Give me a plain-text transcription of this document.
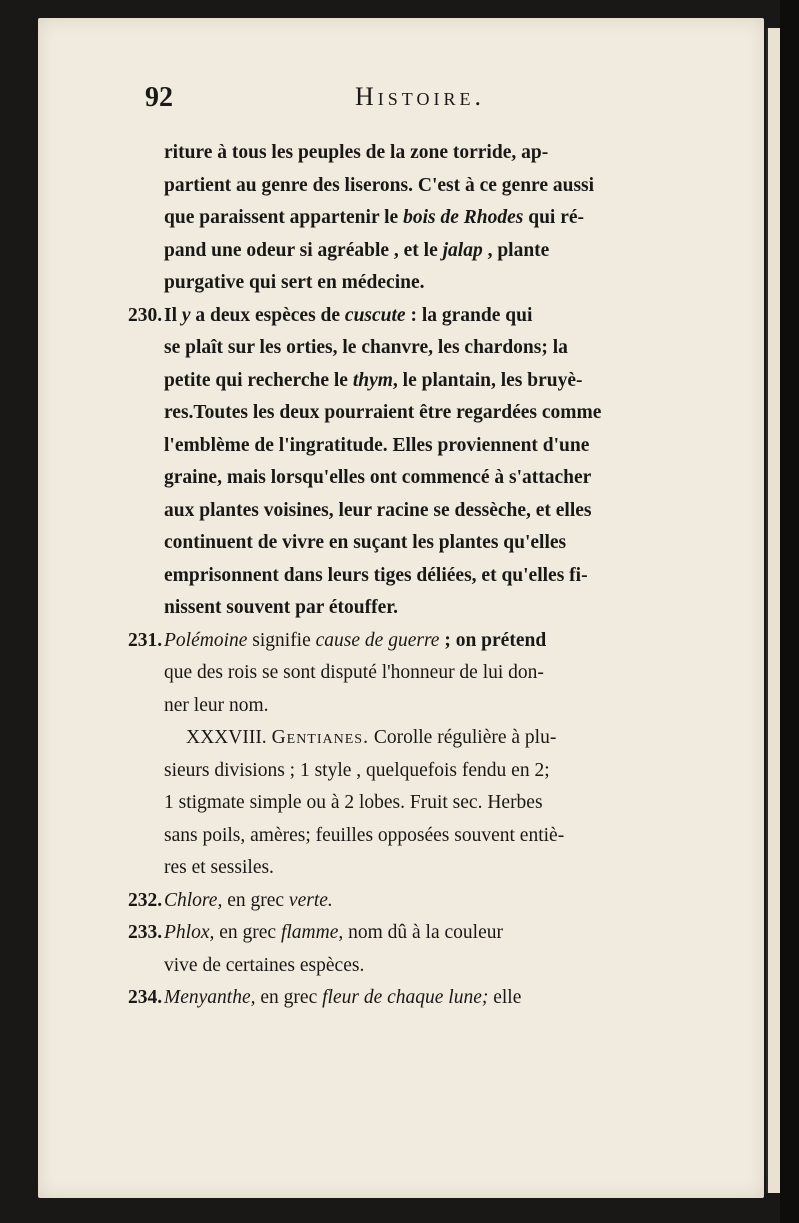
92	Histoire.
riture à tous les peuples de la zone torride, ap-
partient au genre des liserons. C'est à ce genre aussi
que paraissent appartenir le bois de Rhodes qui ré-
pand une odeur si agréable , et le jalap , plante
purgative qui sert en médecine.
230.Il y a deux espèces de cuscute : la grande qui
se plaît sur les orties, le chanvre, les chardons; la
petite qui recherche le thym, le plantain, les bruyè-
res.Toutes les deux pourraient être regardées comme
l'emblème de l'ingratitude. Elles proviennent d'une
graine, mais lorsqu'elles ont commencé à s'attacher
aux plantes voisines, leur racine se dessèche, et elles
continuent de vivre en suçant les plantes qu'elles
emprisonnent dans leurs tiges déliées, et qu'elles fi-
nissent souvent par étouffer.
231.Polémoine signifie cause de guerre ; on prétend
que des rois se sont disputé l'honneur de lui don-
ner leur nom.
XXXVIII. Gentianes. Corolle régulière à plu-
sieurs divisions ; 1 style , quelquefois fendu en 2;
1 stigmate simple ou à 2 lobes. Fruit sec. Herbes
sans poils, amères; feuilles opposées souvent entiè-
res et sessiles.
232.Chlore, en grec verte.
233.Phlox, en grec flamme, nom dû à la couleur
vive de certaines espèces.
234.Menyanthe, en grec fleur de chaque lune; elle
